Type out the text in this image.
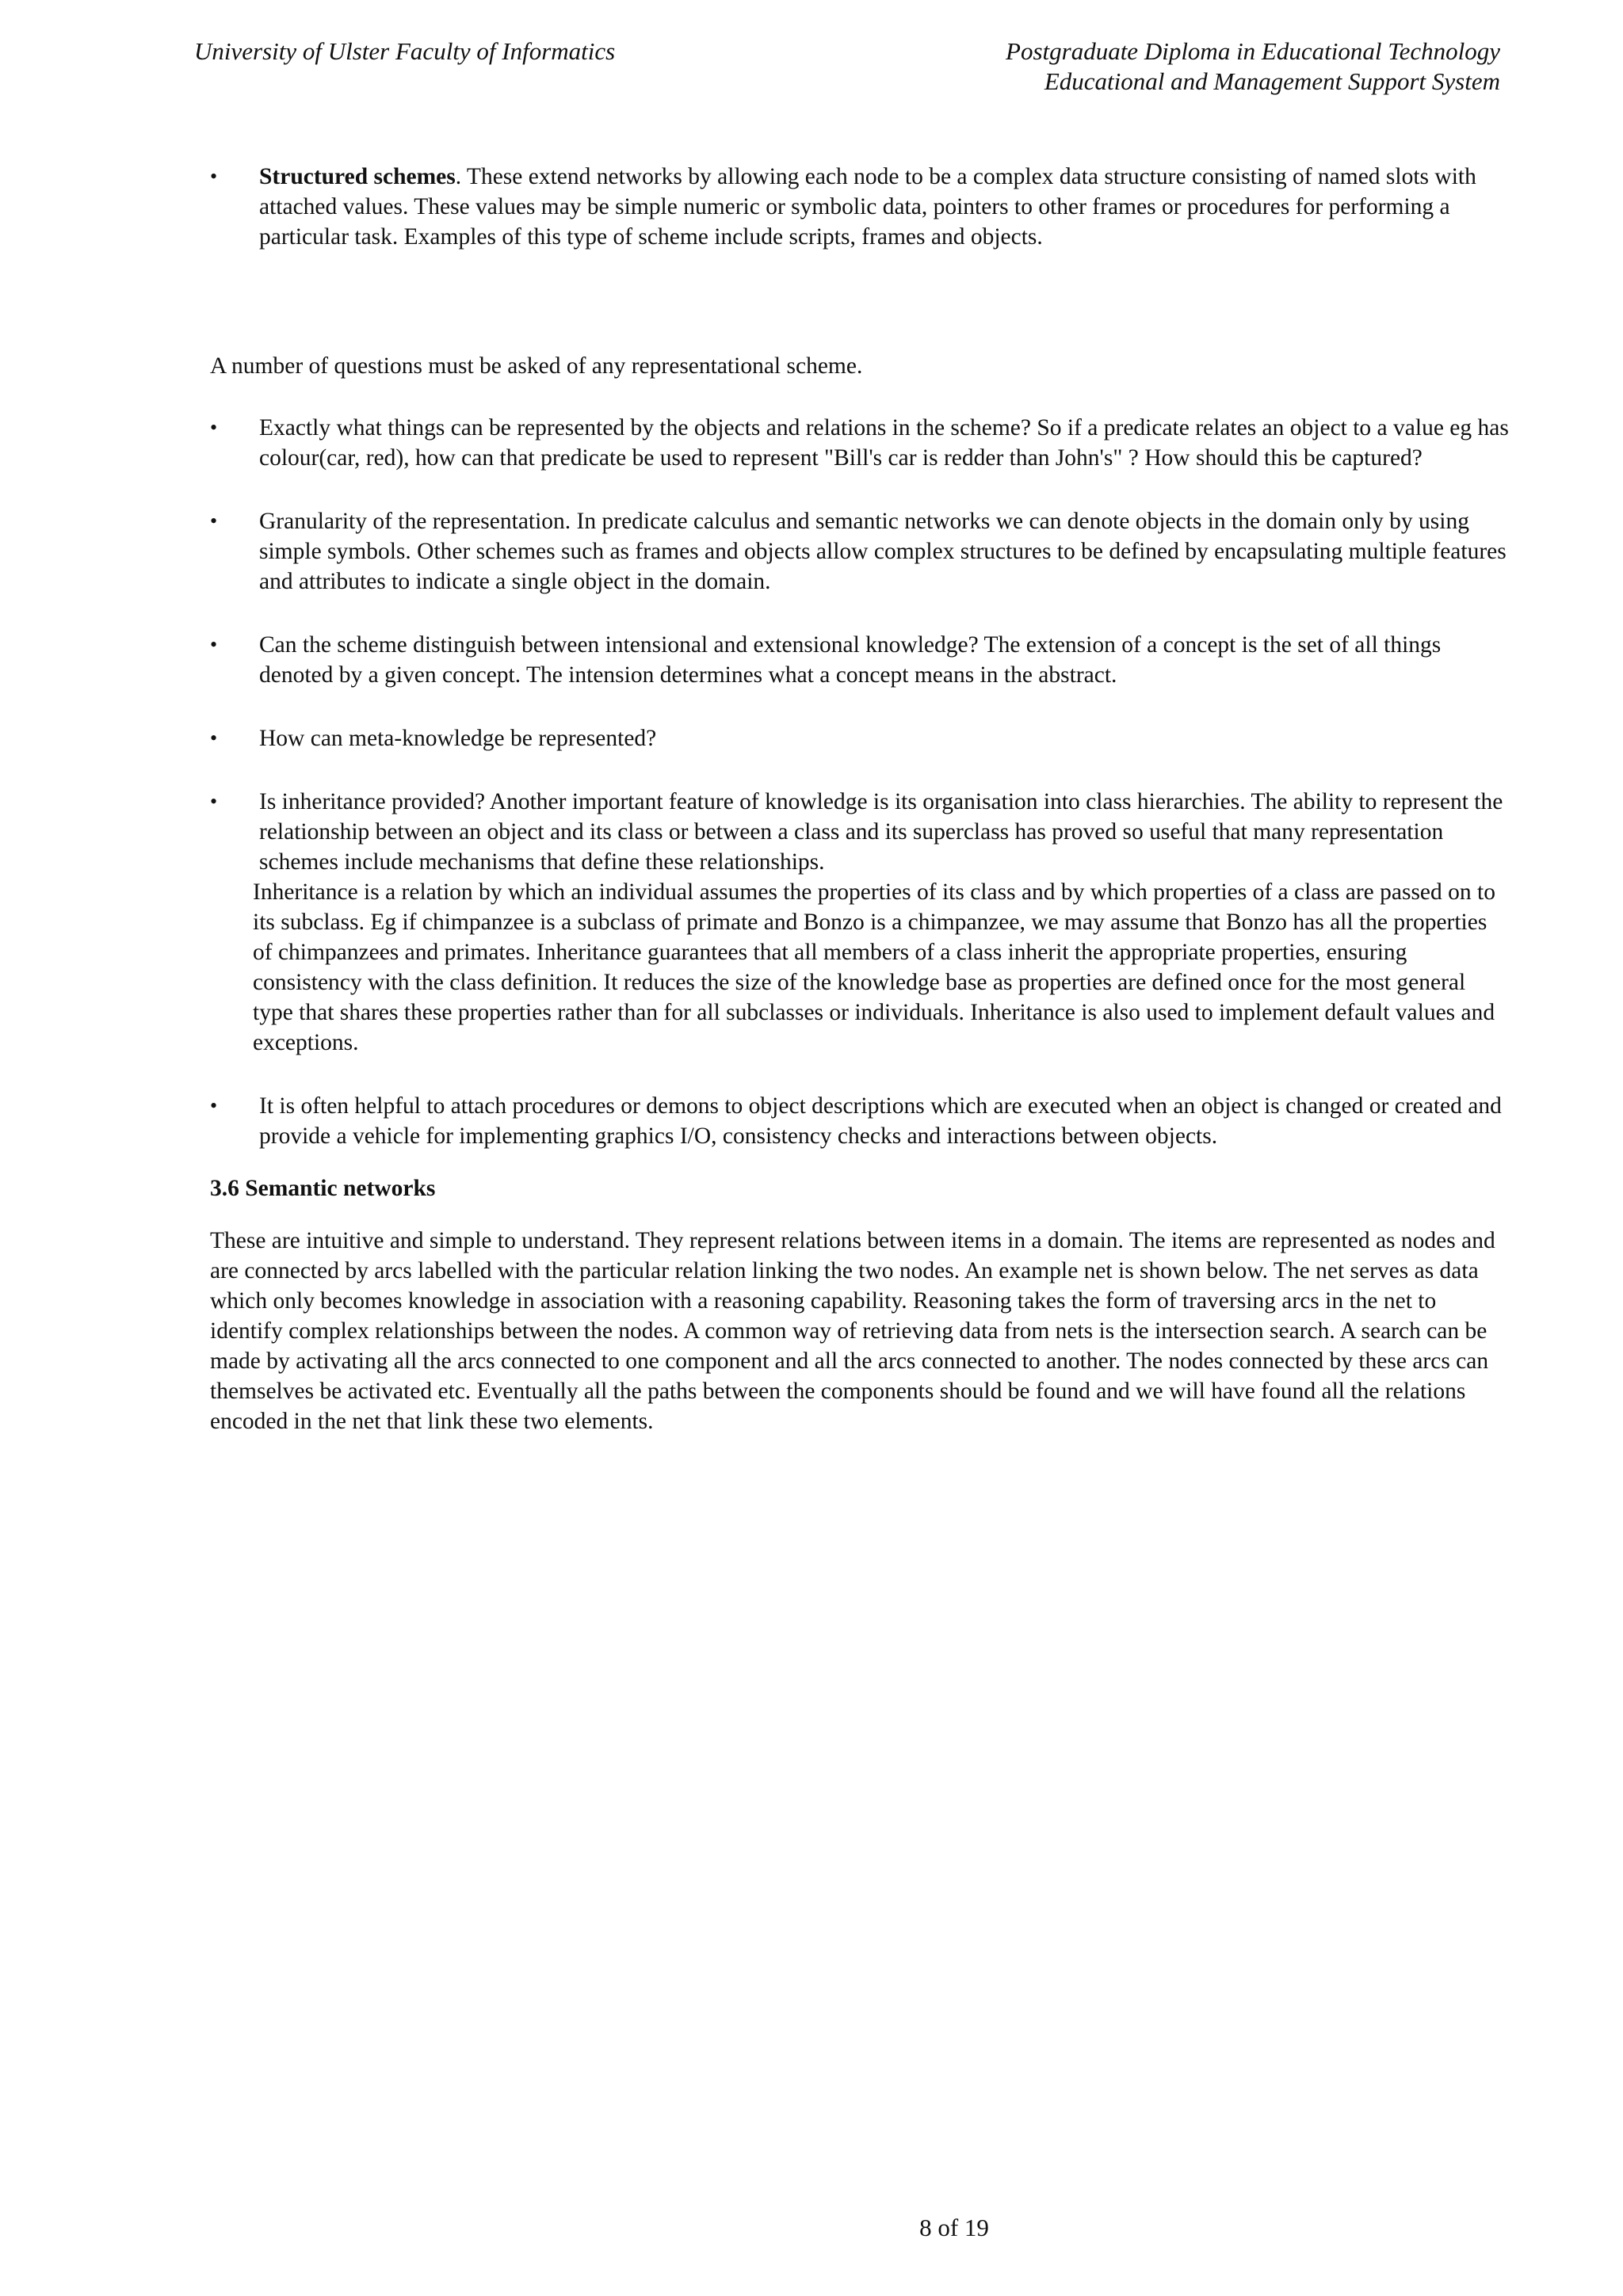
University of Ulster Faculty of Informatics	Postgraduate Diploma in Educational Technology
Educational and Management Support System
• Structured schemes. These extend networks by allowing each node to be a complex data structure consisting of named slots with attached values. These values may be simple numeric or symbolic data, pointers to other frames or procedures for performing a particular task. Examples of this type of scheme include scripts, frames and objects.
A number of questions must be asked of any representational scheme.
• Exactly what things can be represented by the objects and relations in the scheme? So if a predicate relates an object to a value eg has colour(car, red), how can that predicate be used to represent "Bill's car is redder than John's" ? How should this be captured?
• Granularity of the representation. In predicate calculus and semantic networks we can denote objects in the domain only by using simple symbols. Other schemes such as frames and objects allow complex structures to be defined by encapsulating multiple features and attributes to indicate a single object in the domain.
• Can the scheme distinguish between intensional and extensional knowledge? The extension of a concept is the set of all things denoted by a given concept. The intension determines what a concept means in the abstract.
• How can meta-knowledge be represented?
• Is inheritance provided? Another important feature of knowledge is its organisation into class hierarchies. The ability to represent the relationship between an object and its class or between a class and its superclass has proved so useful that many representation schemes include mechanisms that define these relationships.
Inheritance is a relation by which an individual assumes the properties of its class and by which properties of a class are passed on to its subclass. Eg if chimpanzee is a subclass of primate and Bonzo is a chimpanzee, we may assume that Bonzo has all the properties of chimpanzees and primates. Inheritance guarantees that all members of a class inherit the appropriate properties, ensuring consistency with the class definition. It reduces the size of the knowledge base as properties are defined once for the most general type that shares these properties rather than for all subclasses or individuals. Inheritance is also used to implement default values and exceptions.
• It is often helpful to attach procedures or demons to object descriptions which are executed when an object is changed or created and provide a vehicle for implementing graphics I/O, consistency checks and interactions between objects.
3.6 Semantic networks
These are intuitive and simple to understand. They represent relations between items in a domain. The items are represented as nodes and are connected by arcs labelled with the particular relation linking the two nodes. An example net is shown below. The net serves as data which only becomes knowledge in association with a reasoning capability. Reasoning takes the form of traversing arcs in the net to identify complex relationships between the nodes. A common way of retrieving data from nets is the intersection search. A search can be made by activating all the arcs connected to one component and all the arcs connected to another. The nodes connected by these arcs can themselves be activated etc. Eventually all the paths between the components should be found and we will have found all the relations encoded in the net that link these two elements.
8 of 19
